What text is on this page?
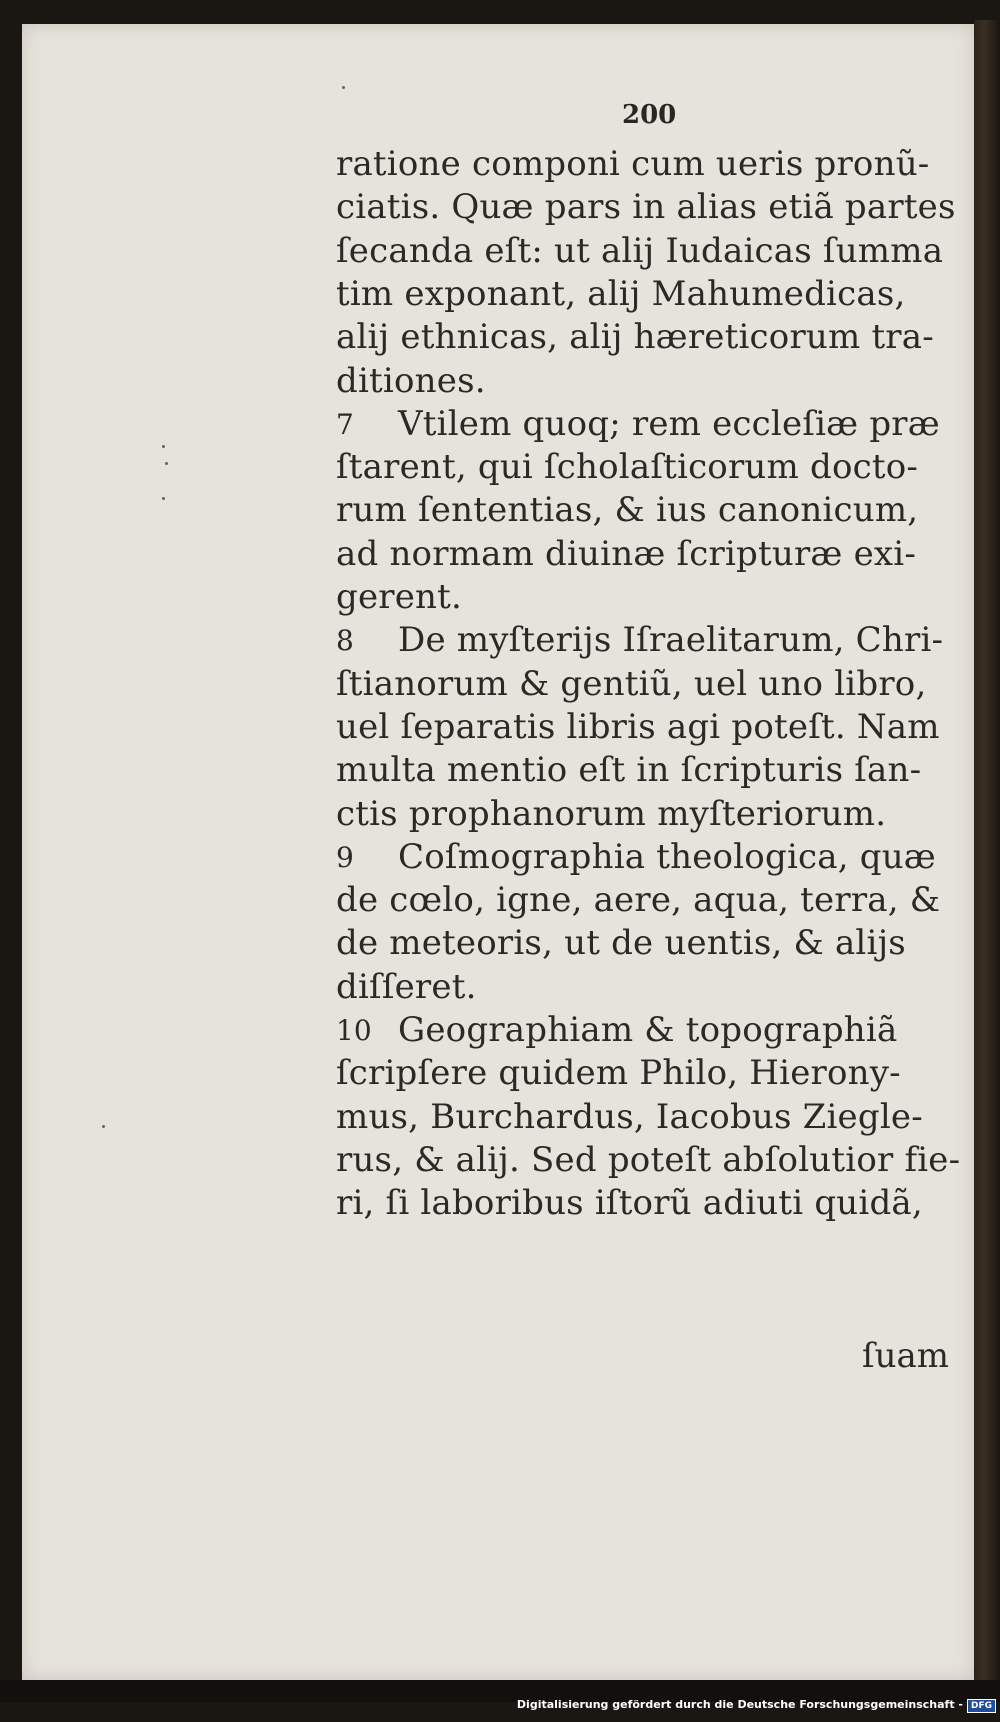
200
ratione componi cum ueris pronũ-
ciatis. Quæ pars in alias etiã partes
ſecanda eſt: ut alij Iudaicas ſumma
tim exponant, alij Mahumedicas,
alij ethnicas, alij hæreticorum tra-
ditiones.
7 Vtilem quoq; rem eccleſiæ præ
ſtarent, qui ſcholaſticorum docto-
rum ſententias, & ius canonicum,
ad normam diuinæ ſcripturæ exi-
gerent.
8 De myſterijs Iſraelitarum, Chri-
ſtianorum & gentiũ, uel uno libro,
uel ſeparatis libris agi poteſt. Nam
multa mentio eſt in ſcripturis ſan-
ctis prophanorum myſteriorum.
9 Coſmographia theologica, quæ
de cœlo, igne, aere, aqua, terra, &
de meteoris, ut de uentis, & alijs
diſſeret.
10 Geographiam & topographiã
ſcripſere quidem Philo, Hierony-
mus, Burchardus, Iacobus Ziegle-
rus, & alij. Sed poteſt abſolutior fie-
ri, ſi laboribus iſtorũ adiuti quidã,
ſuam
Digitalisierung gefördert durch die Deutsche Forschungsgemeinschaft - DFG
